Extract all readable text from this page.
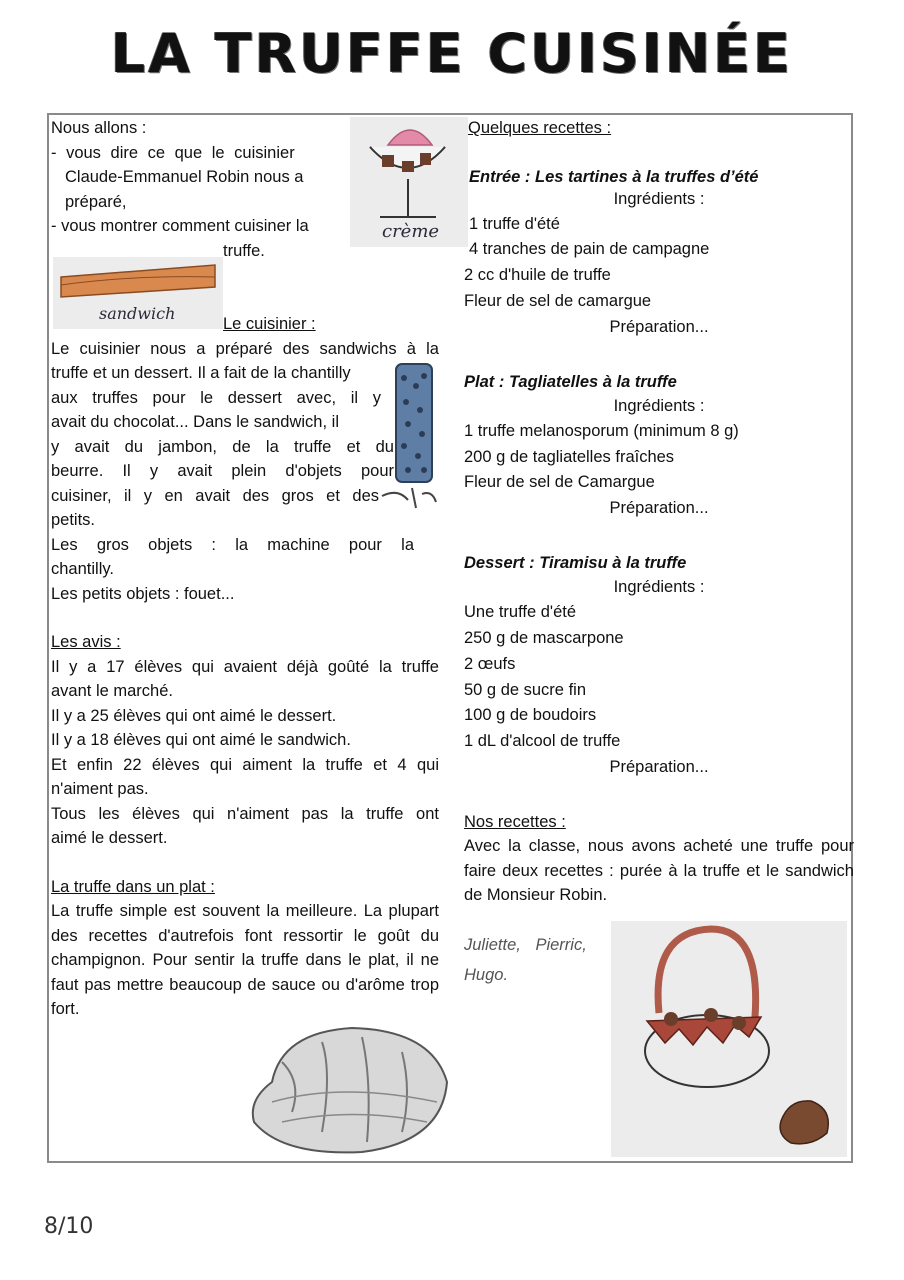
LA TRUFFE CUISINÉE

Nous allons :

- vous dire ce que le cuisinier

Claude-Emmanuel Robin nous a

préparé,

- vous montrer comment cuisiner la

truffe.

Le cuisinier :

Le cuisinier nous a préparé des sandwichs à la

truffe et un dessert. Il a fait de la chantilly

aux truffes pour le dessert avec, il y

avait du chocolat... Dans le sandwich, il

y avait du jambon, de la truffe et du

beurre. Il y avait plein d'objets pour

cuisiner, il y en avait des gros et des

petits.

Les gros objets : la machine pour la

chantilly.

Les petits objets : fouet...

Les avis :

Il y a 17 élèves qui avaient déjà goûté la truffe

avant le marché.

Il y a 25 élèves qui ont aimé le dessert.

Il y a 18 élèves qui ont aimé le sandwich.

Et enfin 22 élèves qui aiment la truffe et 4 qui

n'aiment pas.

Tous les élèves qui n'aiment pas la truffe ont

aimé le dessert.

La truffe dans un plat :

La truffe simple est souvent la meilleure. La plupart des recettes d'autrefois font ressortir le goût du champignon. Pour sentir la truffe dans le plat, il ne faut pas mettre beaucoup de sauce ou d'arôme trop fort.

Quelques recettes :

Entrée : Les tartines à la truffes d’été

Ingrédients :

1 truffe d'été

4 tranches de pain de campagne

2 cc d'huile de truffe

Fleur de sel de camargue

Préparation...

Plat : Tagliatelles à la truffe

Ingrédients :

1 truffe melanosporum (minimum 8 g)

200 g de tagliatelles fraîches

Fleur de sel de Camargue

Préparation...

Dessert : Tiramisu à la truffe

Ingrédients :

Une truffe d'été

250 g de mascarpone

2 œufs

50 g de sucre fin

100 g de boudoirs

1 dL d'alcool de truffe

Préparation...

Nos recettes :

Avec la classe, nous avons acheté une truffe pour faire deux recettes : purée à la truffe et le sandwich de Monsieur Robin.

Juliette, Pierric,
Hugo.

crème
sandwich
8/10
